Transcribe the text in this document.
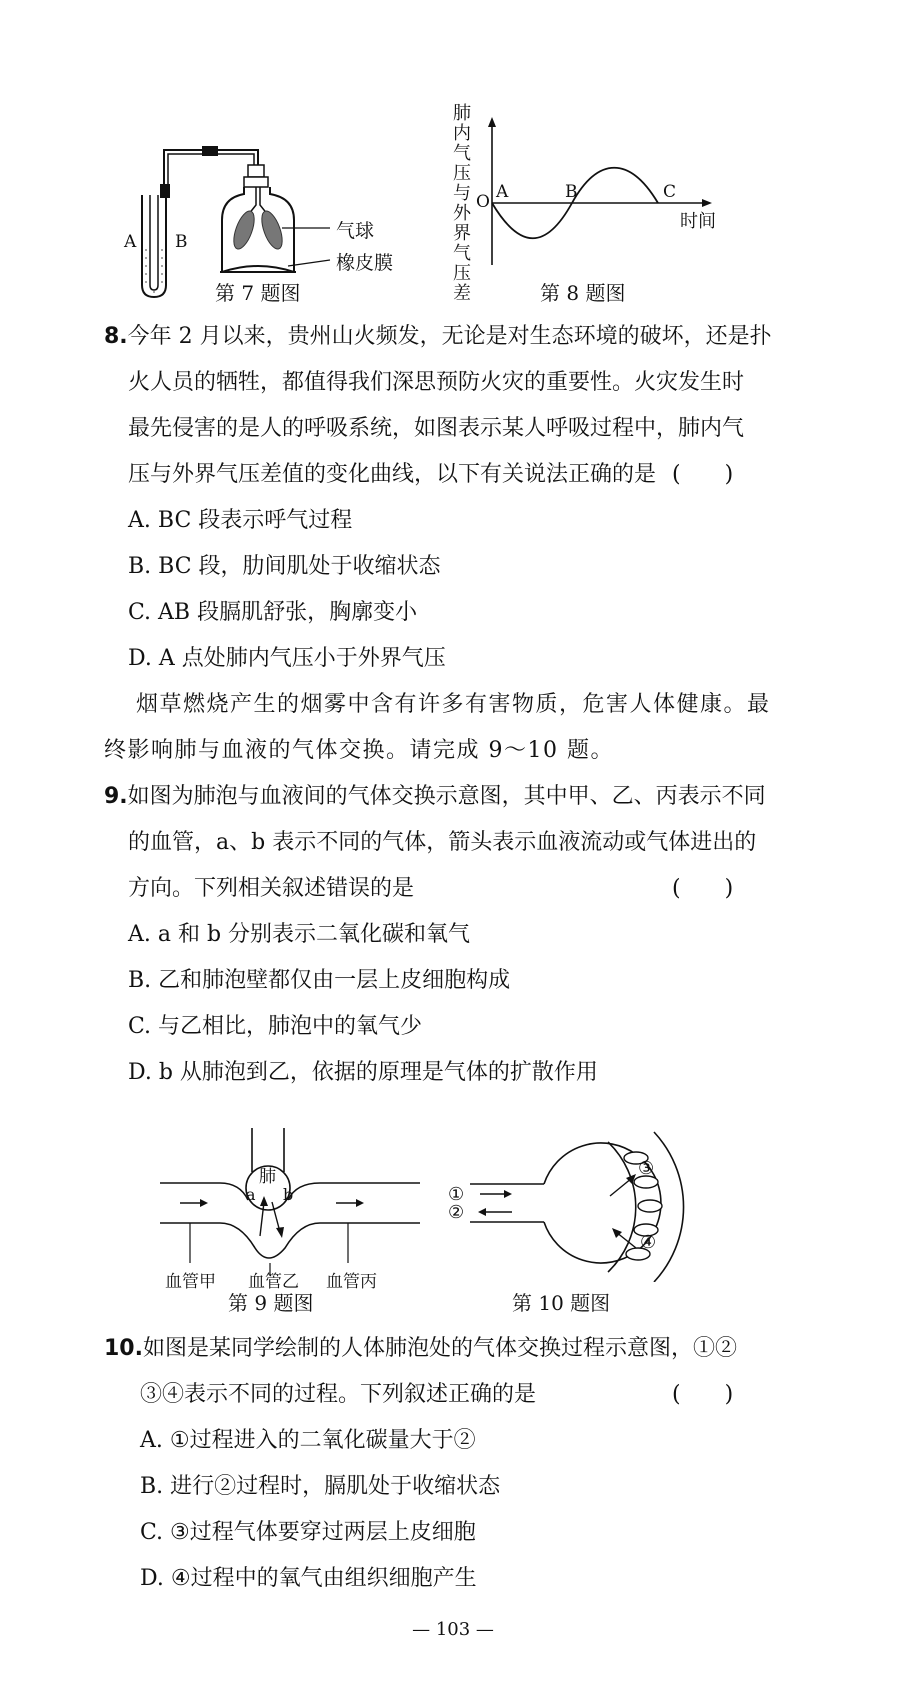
A B	气球
橡皮膜
第 7 题图
肺
内
气
压
与
外
界
气
压
差
O A	B	C
时间
第 8 题图
8.今年 2 月以来，贵州山火频发，无论是对生态环境的破坏，还是扑
火人员的牺牲，都值得我们深思预防火灾的重要性。火灾发生时
最先侵害的是人的呼吸系统，如图表示某人呼吸过程中，肺内气
压与外界气压差值的变化曲线，以下有关说法正确的是 (　　)
A. BC 段表示呼气过程
B. BC 段，肋间肌处于收缩状态
C. AB 段膈肌舒张，胸廓变小
D. A 点处肺内气压小于外界气压
烟草燃烧产生的烟雾中含有许多有害物质，危害人体健康。最
终影响肺与血液的气体交换。请完成 9～10 题。
9.如图为肺泡与血液间的气体交换示意图，其中甲、乙、丙表示不同
的血管，a、b 表示不同的气体，箭头表示血液流动或气体进出的
方向。下列相关叙述错误的是	(　　)
A. a 和 b 分别表示二氧化碳和氧气
B. 乙和肺泡壁都仅由一层上皮细胞构成
C. 与乙相比，肺泡中的氧气少
D. b 从肺泡到乙，依据的原理是气体的扩散作用
肺
a b
血管甲 血管乙 血管丙
第 9 题图
①
②
③
④
第 10 题图
10.如图是某同学绘制的人体肺泡处的气体交换过程示意图，①②
③④表示不同的过程。下列叙述正确的是	(　　)
A. ①过程进入的二氧化碳量大于②
B. 进行②过程时，膈肌处于收缩状态
C. ③过程气体要穿过两层上皮细胞
D. ④过程中的氧气由组织细胞产生
— 103 —
